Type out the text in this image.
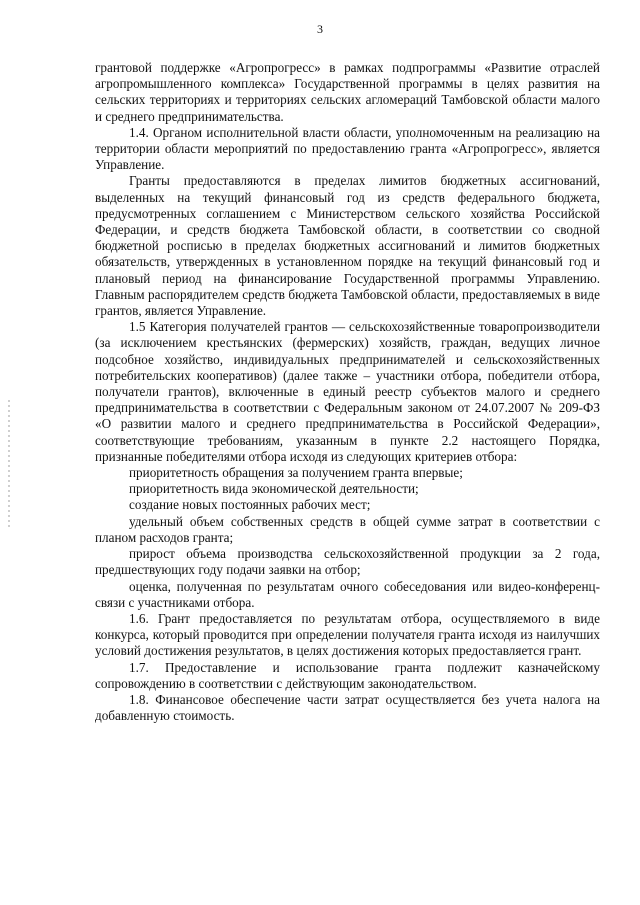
3

грантовой поддержке «Агропрогресс» в рамках подпрограммы «Развитие отраслей агропромышленного комплекса» Государственной программы в целях развития на сельских территориях и территориях сельских агломераций Тамбовской области малого и среднего предпринимательства.

1.4. Органом исполнительной власти области, уполномоченным на реализацию на территории области мероприятий по предоставлению гранта «Агропрогресс», является Управление.

Гранты предоставляются в пределах лимитов бюджетных ассигнований, выделенных на текущий финансовый год из средств федерального бюджета, предусмотренных соглашением с Министерством сельского хозяйства Российской Федерации, и средств бюджета Тамбовской области, в соответствии со сводной бюджетной росписью в пределах бюджетных ассигнований и лимитов бюджетных обязательств, утвержденных в установленном порядке на текущий финансовый год и плановый период на финансирование Государственной программы Управлению. Главным распорядителем средств бюджета Тамбовской области, предоставляемых в виде грантов, является Управление.

1.5 Категория получателей грантов — сельскохозяйственные товаропроизводители (за исключением крестьянских (фермерских) хозяйств, граждан, ведущих личное подсобное хозяйство, индивидуальных предпринимателей и сельскохозяйственных потребительских кооперативов) (далее также – участники отбора, победители отбора, получатели грантов), включенные в единый реестр субъектов малого и среднего предпринимательства в соответствии с Федеральным законом от 24.07.2007 № 209-ФЗ «О развитии малого и среднего предпринимательства в Российской Федерации», соответствующие требованиям, указанным в пункте 2.2 настоящего Порядка, признанные победителями отбора исходя из следующих критериев отбора:

приоритетность обращения за получением гранта впервые;

приоритетность вида экономической деятельности;

создание новых постоянных рабочих мест;

удельный объем собственных средств в общей сумме затрат в соответствии с планом расходов гранта;

прирост объема производства сельскохозяйственной продукции за 2 года, предшествующих году подачи заявки на отбор;

оценка, полученная по результатам очного собеседования или видео-конференц-связи с участниками отбора.

1.6. Грант предоставляется по результатам отбора, осуществляемого в виде конкурса, который проводится при определении получателя гранта исходя из наилучших условий достижения результатов, в целях достижения которых предоставляется грант.

1.7. Предоставление и использование гранта подлежит казначейскому сопровождению в соответствии с действующим законодательством.

1.8. Финансовое обеспечение части затрат осуществляется без учета налога на добавленную стоимость.
